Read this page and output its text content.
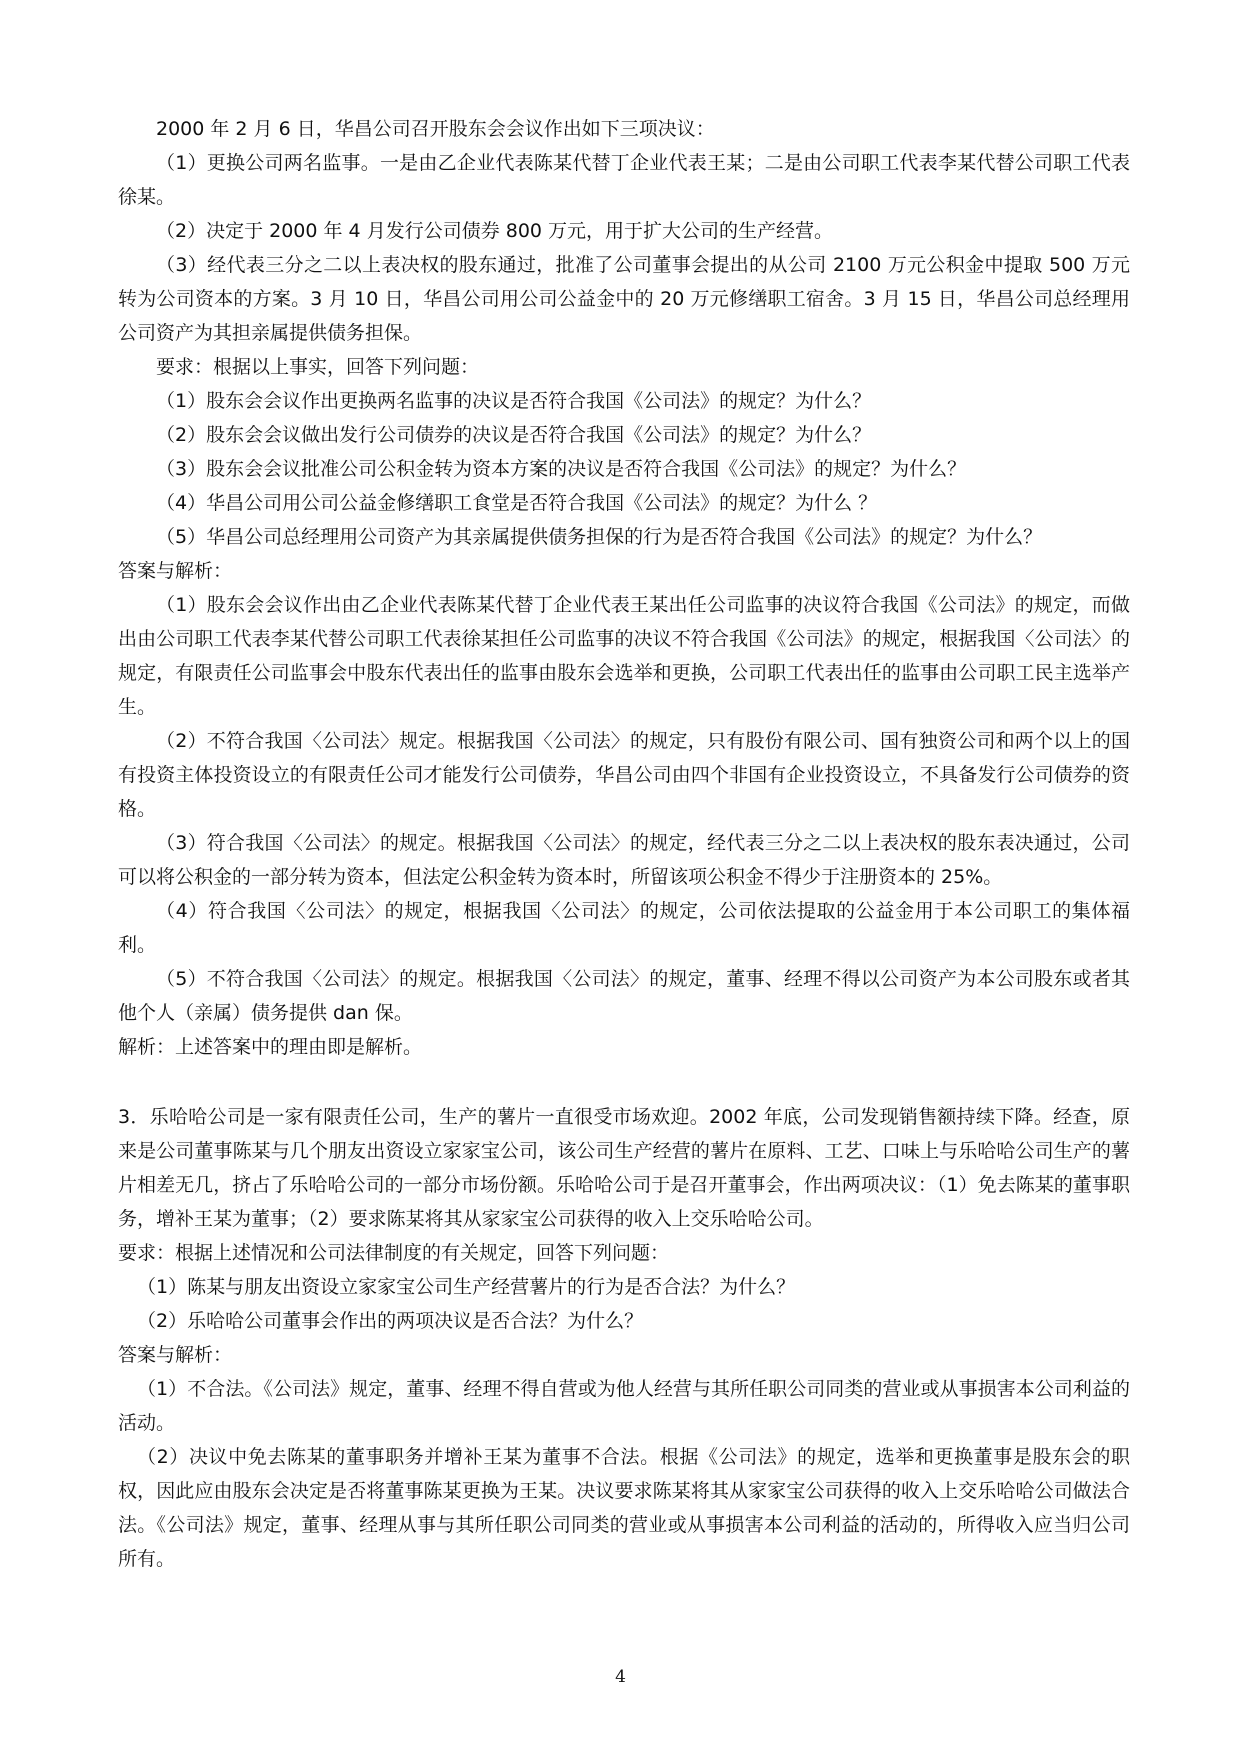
2000 年 2 月 6 日，华昌公司召开股东会会议作出如下三项决议：

（1）更换公司两名监事。一是由乙企业代表陈某代替丁企业代表王某；二是由公司职工代表李某代替公司职工代表徐某。

（2）决定于 2000 年 4 月发行公司债券 800 万元，用于扩大公司的生产经营。

（3）经代表三分之二以上表决权的股东通过，批准了公司董事会提出的从公司 2100 万元公积金中提取 500 万元转为公司资本的方案。3 月 10 日，华昌公司用公司公益金中的 20 万元修缮职工宿舍。3 月 15 日，华昌公司总经理用公司资产为其担亲属提供债务担保。

要求：根据以上事实，回答下列问题：

（1）股东会会议作出更换两名监事的决议是否符合我国《公司法》的规定？为什么？

（2）股东会会议做出发行公司债券的决议是否符合我国《公司法》的规定？为什么？

（3）股东会会议批准公司公积金转为资本方案的决议是否符合我国《公司法》的规定？为什么？

（4）华昌公司用公司公益金修缮职工食堂是否符合我国《公司法》的规定？为什么 ？

（5）华昌公司总经理用公司资产为其亲属提供债务担保的行为是否符合我国《公司法》的规定？为什么？

答案与解析：

（1）股东会会议作出由乙企业代表陈某代替丁企业代表王某出任公司监事的决议符合我国《公司法》的规定，而做出由公司职工代表李某代替公司职工代表徐某担任公司监事的决议不符合我国《公司法》的规定，根据我国〈公司法〉的规定，有限责任公司监事会中股东代表出任的监事由股东会选举和更换，公司职工代表出任的监事由公司职工民主选举产生。

（2）不符合我国〈公司法〉规定。根据我国〈公司法〉的规定，只有股份有限公司、国有独资公司和两个以上的国有投资主体投资设立的有限责任公司才能发行公司债券，华昌公司由四个非国有企业投资设立，不具备发行公司债券的资格。

（3）符合我国〈公司法〉的规定。根据我国〈公司法〉的规定，经代表三分之二以上表决权的股东表决通过，公司可以将公积金的一部分转为资本，但法定公积金转为资本时，所留该项公积金不得少于注册资本的 25%。

（4）符合我国〈公司法〉的规定，根据我国〈公司法〉的规定，公司依法提取的公益金用于本公司职工的集体福利。

（5）不符合我国〈公司法〉的规定。根据我国〈公司法〉的规定，董事、经理不得以公司资产为本公司股东或者其他个人（亲属）债务提供 dan 保。

解析：上述答案中的理由即是解析。

3．乐哈哈公司是一家有限责任公司，生产的薯片一直很受市场欢迎。2002 年底，公司发现销售额持续下降。经查，原来是公司董事陈某与几个朋友出资设立家家宝公司，该公司生产经营的薯片在原料、工艺、口味上与乐哈哈公司生产的薯片相差无几，挤占了乐哈哈公司的一部分市场份额。乐哈哈公司于是召开董事会，作出两项决议：（1）免去陈某的董事职务，增补王某为董事；（2）要求陈某将其从家家宝公司获得的收入上交乐哈哈公司。

要求：根据上述情况和公司法律制度的有关规定，回答下列问题：

（1）陈某与朋友出资设立家家宝公司生产经营薯片的行为是否合法？为什么？

（2）乐哈哈公司董事会作出的两项决议是否合法？为什么？

答案与解析：

（1）不合法。《公司法》规定，董事、经理不得自营或为他人经营与其所任职公司同类的营业或从事损害本公司利益的活动。

（2）决议中免去陈某的董事职务并增补王某为董事不合法。根据《公司法》的规定，选举和更换董事是股东会的职权，因此应由股东会决定是否将董事陈某更换为王某。决议要求陈某将其从家家宝公司获得的收入上交乐哈哈公司做法合法。《公司法》规定，董事、经理从事与其所任职公司同类的营业或从事损害本公司利益的活动的，所得收入应当归公司所有。

4
